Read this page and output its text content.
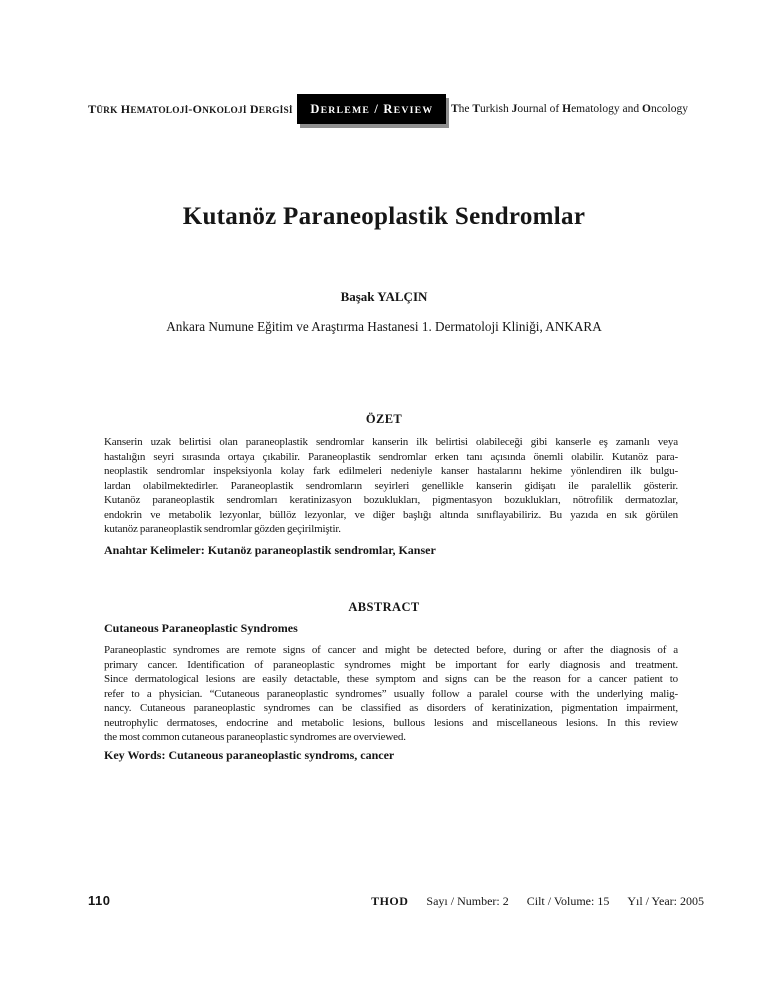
TÜRK HEMATOLOJİ-ONKOLOJİ DERGİSİ	DERLEME / REVIEW	The Turkish Journal of Hematology and Oncology
Kutanöz Paraneoplastik Sendromlar
Başak YALÇIN
Ankara Numune Eğitim ve Araştırma Hastanesi 1. Dermatoloji Kliniği, ANKARA
ÖZET
Kanserin uzak belirtisi olan paraneoplastik sendromlar kanserin ilk belirtisi olabileceği gibi kanserle eş zamanlı veya
hastalığın seyri sırasında ortaya çıkabilir. Paraneoplastik sendromlar erken tanı açısında önemli olabilir. Kutanöz para-
neoplastik sendromlar inspeksiyonla kolay fark edilmeleri nedeniyle kanser hastalarını hekime yönlendiren ilk bulgu-
lardan olabilmektedirler. Paraneoplastik sendromların seyirleri genellikle kanserin gidişatı ile paralellik gösterir.
Kutanöz paraneoplastik sendromları keratinizasyon bozuklukları, pigmentasyon bozuklukları, nötrofilik dermatozlar,
endokrin ve metabolik lezyonlar, büllöz lezyonlar, ve diğer başlığı altında sınıflayabiliriz. Bu yazıda en sık görülen
kutanöz paraneoplastik sendromlar gözden geçirilmiştir.
Anahtar Kelimeler: Kutanöz paraneoplastik sendromlar, Kanser
ABSTRACT
Cutaneous Paraneoplastic Syndromes
Paraneoplastic syndromes are remote signs of cancer and might be detected before, during or after the diagnosis of a
primary cancer. Identification of paraneoplastic syndromes might be important for early diagnosis and treatment.
Since dermatological lesions are easily detactable, these symptom and signs can be the reason for a cancer patient to
refer to a physician. “Cutaneous paraneoplastic syndromes” usually follow a paralel course with the underlying malig-
nancy. Cutaneous paraneoplastic syndromes can be classified as disorders of keratinization, pigmentation impairment,
neutrophylic dermatoses, endocrine and metabolic lesions, bullous lesions and miscellaneous lesions. In this review
the most common cutaneous paraneoplastic syndromes are overviewed.
Key Words: Cutaneous paraneoplastic syndroms, cancer
110	THOD Sayı / Number: 2 Cilt / Volume: 15 Yıl / Year: 2005
